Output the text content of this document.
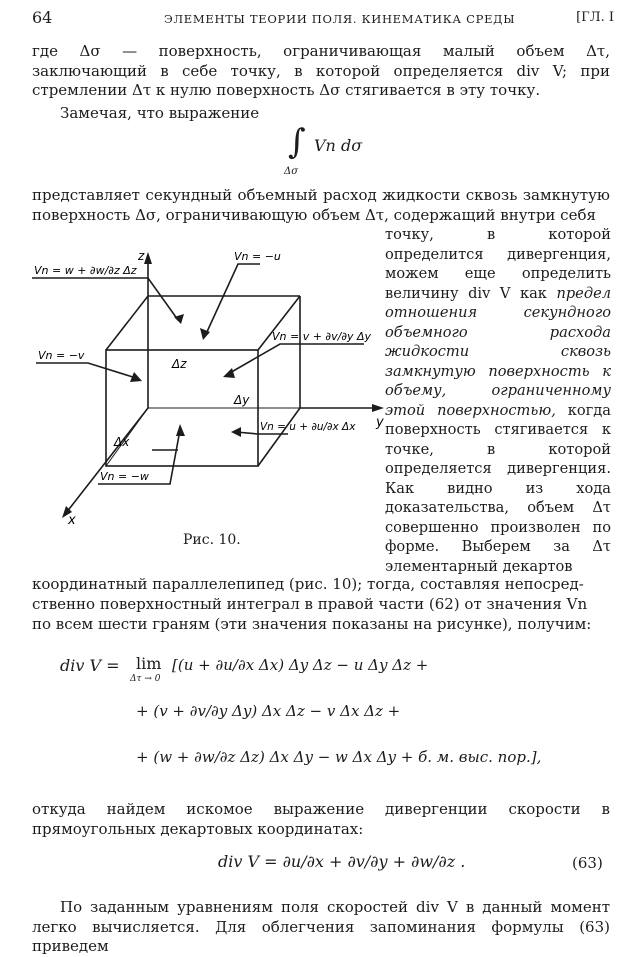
64	ЭЛЕМЕНТЫ ТЕОРИИ ПОЛЯ. КИНЕМАТИКА СРЕДЫ	[ГЛ. I
где Δσ — поверхность, ограничивающая малый объем Δτ, заключающий в себе точку, в которой определяется div V; при стремлении Δτ к нулю поверхность Δσ стягивается в эту точку.
Замечая, что выражение
∫
Δσ
Vn dσ
представляет секундный объемный расход жидкости сквозь замкнутую поверхность Δσ, ограничивающую объем Δτ, содержащий внутри себя
точку, в которой определится дивергенция, можем еще определить величину div V как предел отношения секундного объемного расхода жидкости сквозь замкнутую поверхность к объему, ограниченному этой поверхностью, когда поверхность стягивается к точке, в которой определяется дивергенция. Как видно из хода доказательства, объем Δτ совершенно произволен по форме. Выберем за Δτ элементарный декартов
Vn = w + ∂w/∂z Δz
Vn = −u
Vn = −v
Vn = v + ∂v/∂y Δy
Vn = u + ∂u/∂x Δx
Vn = −w
Δz
Δy
Δx
z
y
x
Рис. 10.
координатный параллелепипед (рис. 10); тогда, составляя непосред-
ственно поверхностный интеграл в правой части (62) от значения Vn
по всем шести граням (эти значения показаны на рисунке), получим:
div V = lim
Δτ → 0
[(u + ∂u/∂x Δx) Δy Δz − u Δy Δz +
+ (v + ∂v/∂y Δy) Δx Δz − v Δx Δz +
+ (w + ∂w/∂z Δz) Δx Δy − w Δx Δy + б. м. выс. пор.],
откуда найдем искомое выражение дивергенции скорости в прямоугольных декартовых координатах:
div V = ∂u/∂x + ∂v/∂y + ∂w/∂z .	(63)
По заданным уравнениям поля скоростей div V в данный момент легко вычисляется. Для облегчения запоминания формулы (63) приведем
